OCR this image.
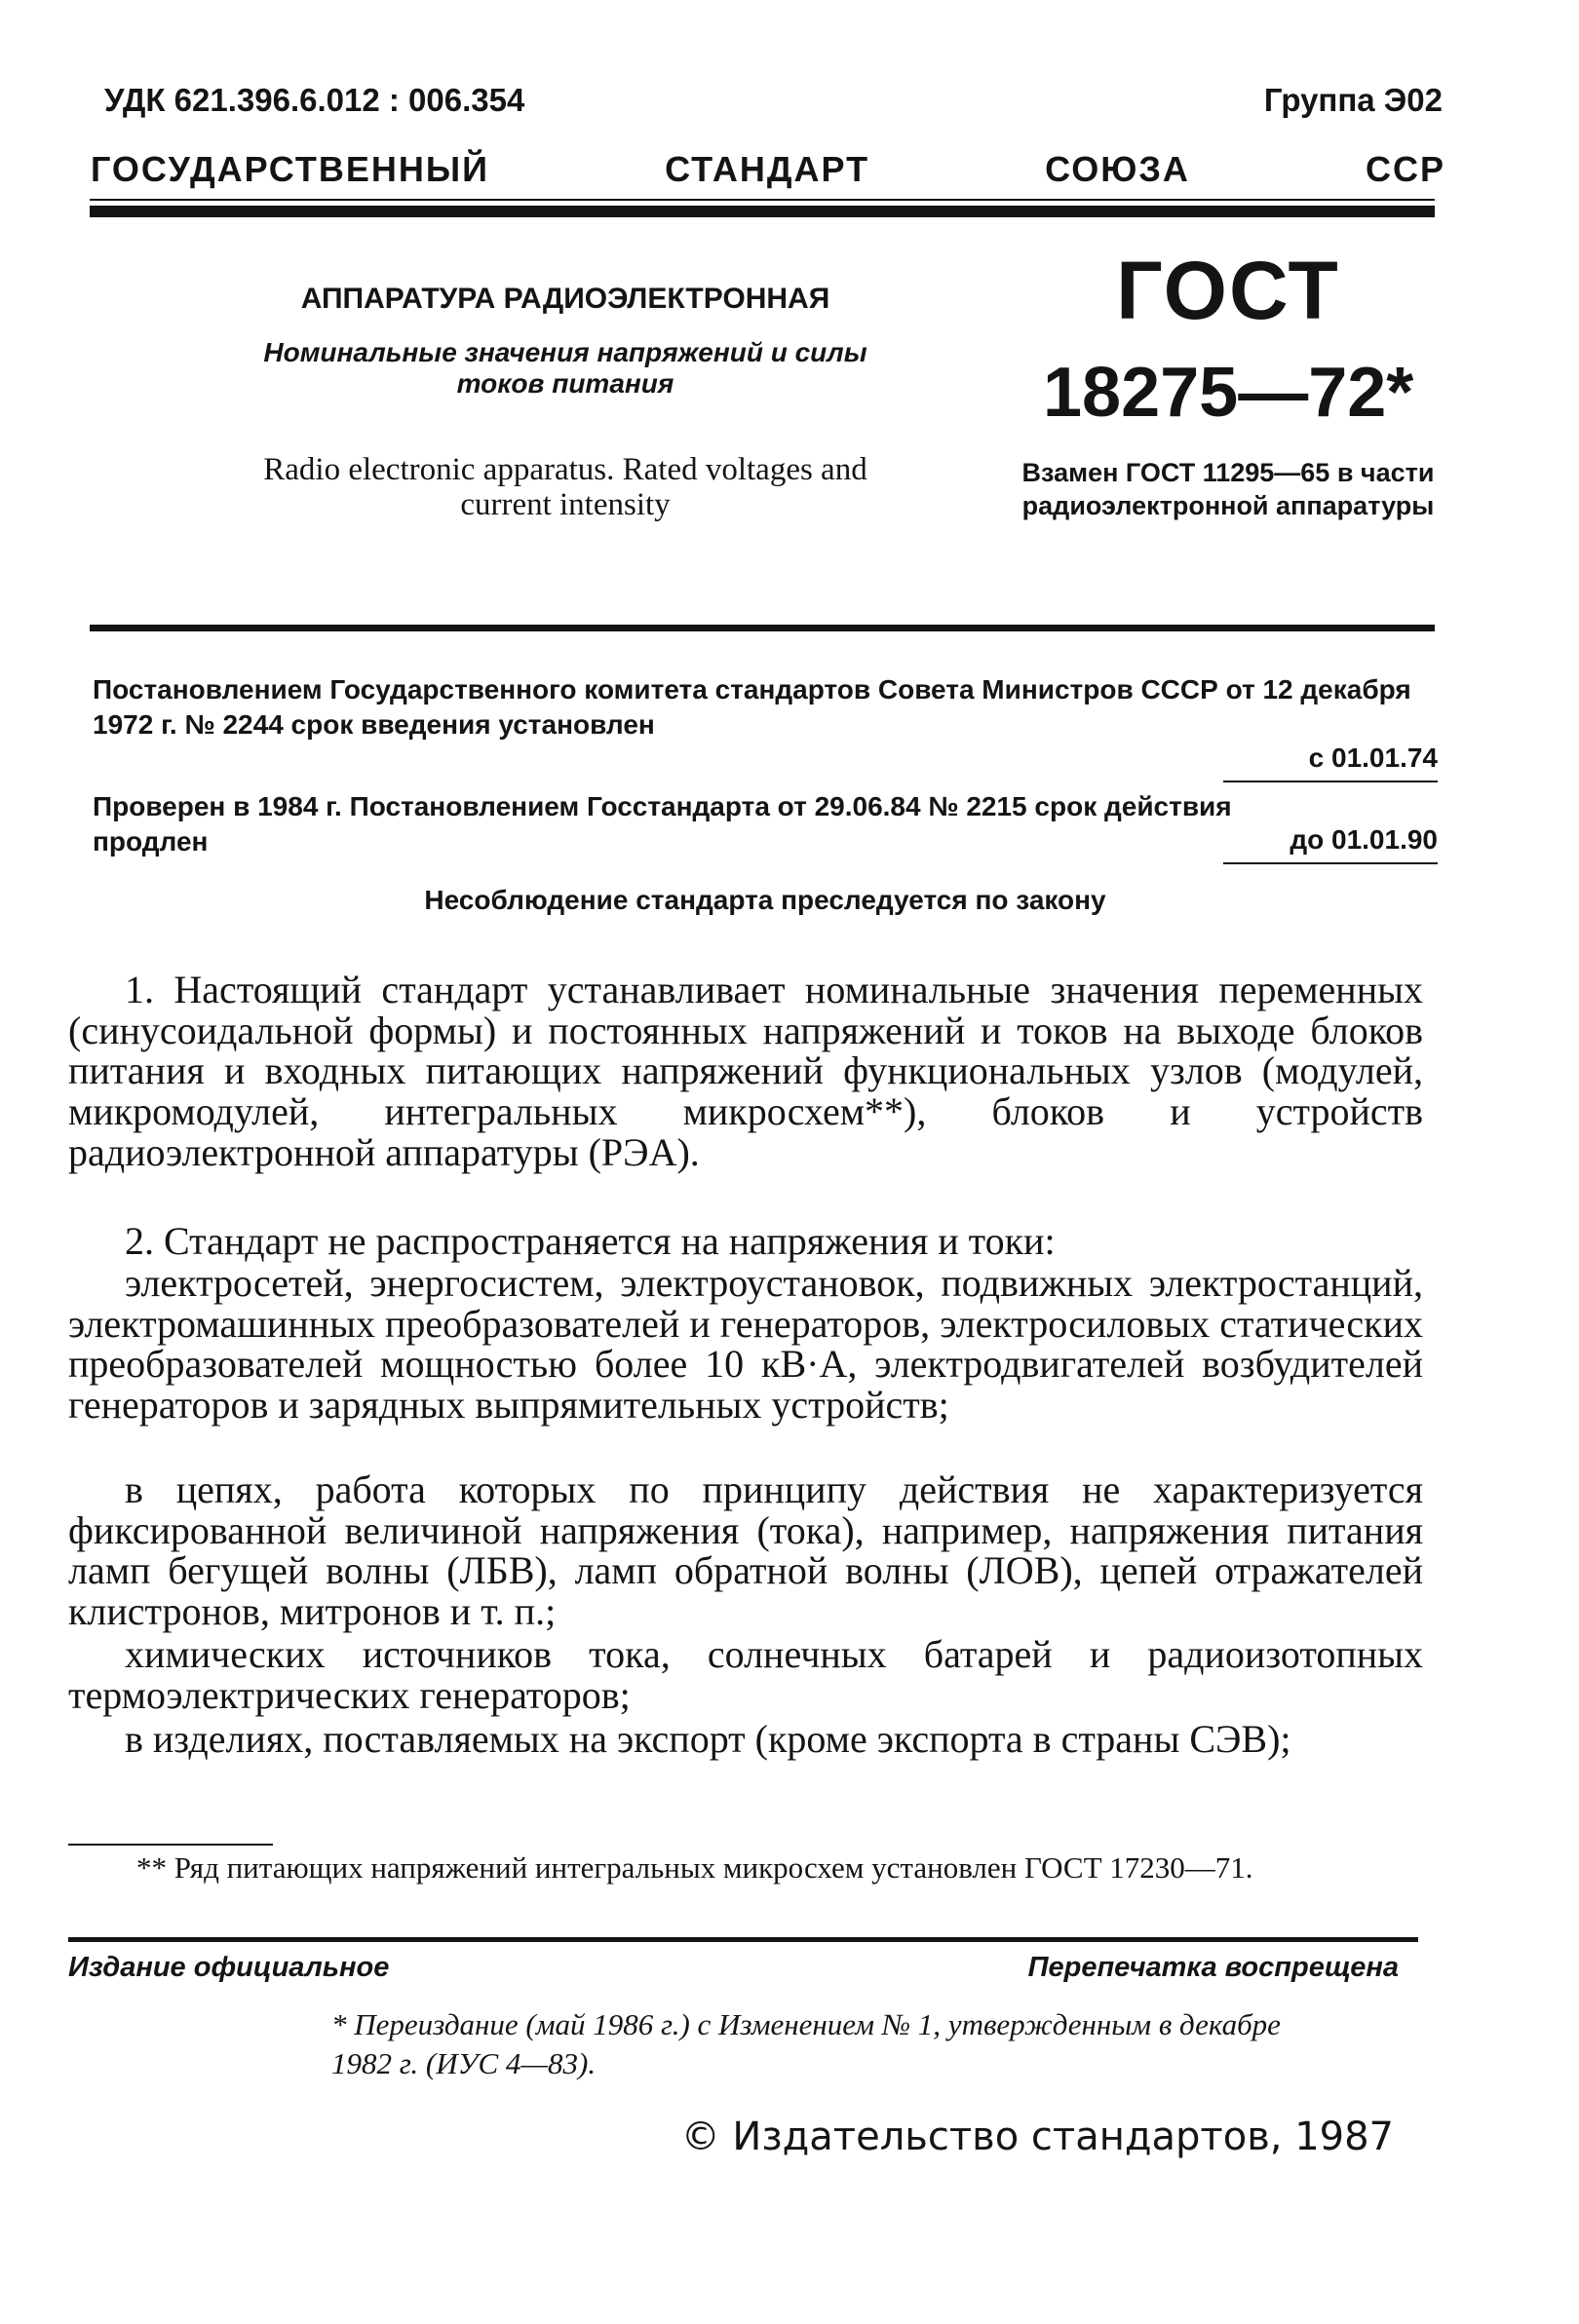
УДК 621.396.6.012 : 006.354	Группа Э02
ГОСУДАРСТВЕННЫЙ	СТАНДАРТ	СОЮЗА	ССР
АППАРАТУРА РАДИОЭЛЕКТРОННАЯ
Номинальные значения напряжений и силы токов питания
Radio electronic apparatus. Rated voltages and current intensity
ГОСТ
18275—72*
Взамен ГОСТ 11295—65 в части радиоэлектронной аппаратуры
Постановлением Государственного комитета стандартов Совета Министров СССР от 12 декабря 1972 г. № 2244 срок введения установлен
с 01.01.74
Проверен в 1984 г. Постановлением Госстандарта от 29.06.84 № 2215 срок действия продлен	до 01.01.90
Несоблюдение стандарта преследуется по закону
1. Настоящий стандарт устанавливает номинальные значения переменных (синусоидальной формы) и постоянных напряжений и токов на выходе блоков питания и входных питающих напряжений функциональных узлов (модулей, микромодулей, интегральных микросхем**), блоков и устройств радиоэлектронной аппаратуры (РЭА).
2. Стандарт не распространяется на напряжения и токи:
электросетей, энергосистем, электроустановок, подвижных электростанций, электромашинных преобразователей и генераторов, электросиловых статических преобразователей мощностью более 10 кВ·А, электродвигателей возбудителей генераторов и зарядных выпрямительных устройств;
в цепях, работа которых по принципу действия не характеризуется фиксированной величиной напряжения (тока), например, напряжения питания ламп бегущей волны (ЛБВ), ламп обратной волны (ЛОВ), цепей отражателей клистронов, митронов и т. п.;
химических источников тока, солнечных батарей и радиоизотопных термоэлектрических генераторов;
в изделиях, поставляемых на экспорт (кроме экспорта в страны СЭВ);
** Ряд питающих напряжений интегральных микросхем установлен ГОСТ 17230—71.
Издание официальное	Перепечатка воспрещена
* Переиздание (май 1986 г.) с Изменением № 1, утвержденным в декабре 1982 г. (ИУС 4—83).
© Издательство стандартов, 1987
